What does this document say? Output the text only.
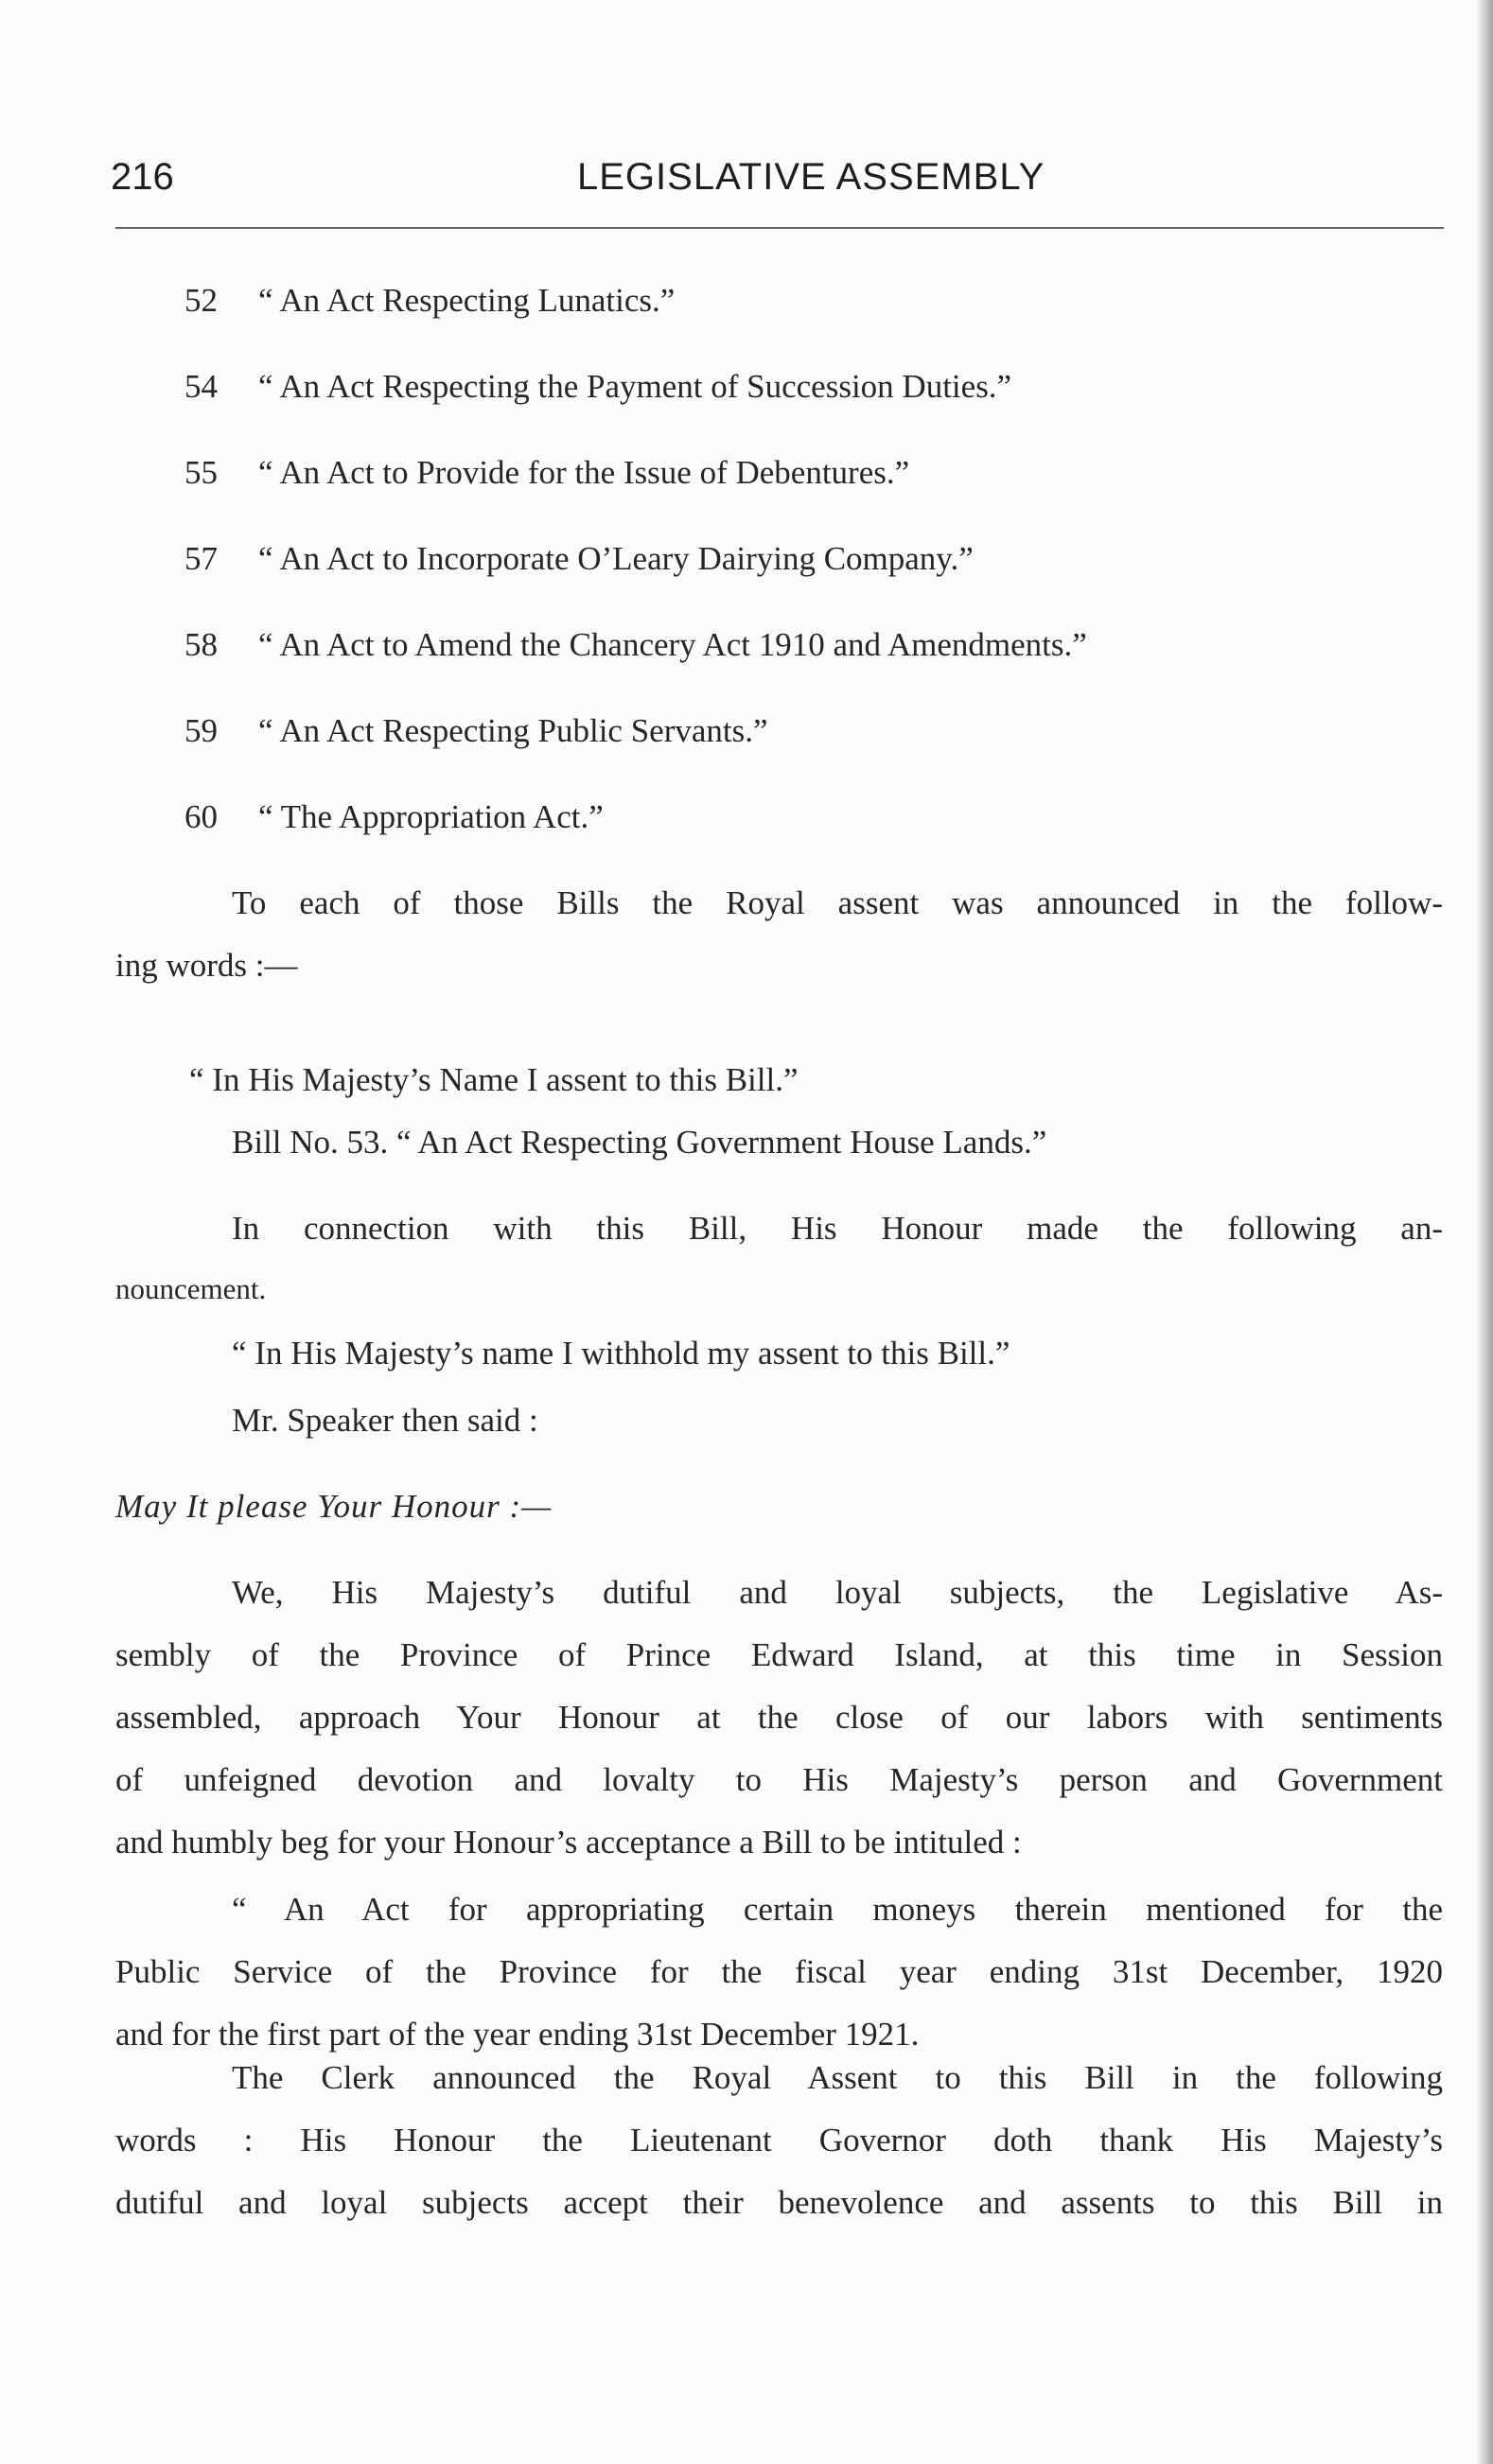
216	LEGISLATIVE ASSEMBLY
52 “ An Act Respecting Lunatics.”
54 “ An Act Respecting the Payment of Succession Duties.”
55 “ An Act to Provide for the Issue of Debentures.”
57 “ An Act to Incorporate O’Leary Dairying Company.”
58 “ An Act to Amend the Chancery Act 1910 and Amendments.”
59 “ An Act Respecting Public Servants.”
60 “ The Appropriation Act.”
To each of those Bills the Royal assent was announced in the follow-
ing words :—
“ In His Majesty’s Name I assent to this Bill.”
Bill No. 53. “ An Act Respecting Government House Lands.”
In connection with this Bill, His Honour made the following an-
nouncement.
“ In His Majesty’s name I withhold my assent to this Bill.”
Mr. Speaker then said :
May It please Your Honour :—
We, His Majesty’s dutiful and loyal subjects, the Legislative As-
sembly of the Province of Prince Edward Island, at this time in Session
assembled, approach Your Honour at the close of our labors with sentiments
of unfeigned devotion and lovalty to His Majesty’s person and Government
and humbly beg for your Honour’s acceptance a Bill to be intituled :
“ An Act for appropriating certain moneys therein mentioned for the
Public Service of the Province for the fiscal year ending 31st December, 1920
and for the first part of the year ending 31st December 1921.
The Clerk announced the Royal Assent to this Bill in the following
words : His Honour the Lieutenant Governor doth thank His Majesty’s
dutiful and loyal subjects accept their benevolence and assents to this Bill in
